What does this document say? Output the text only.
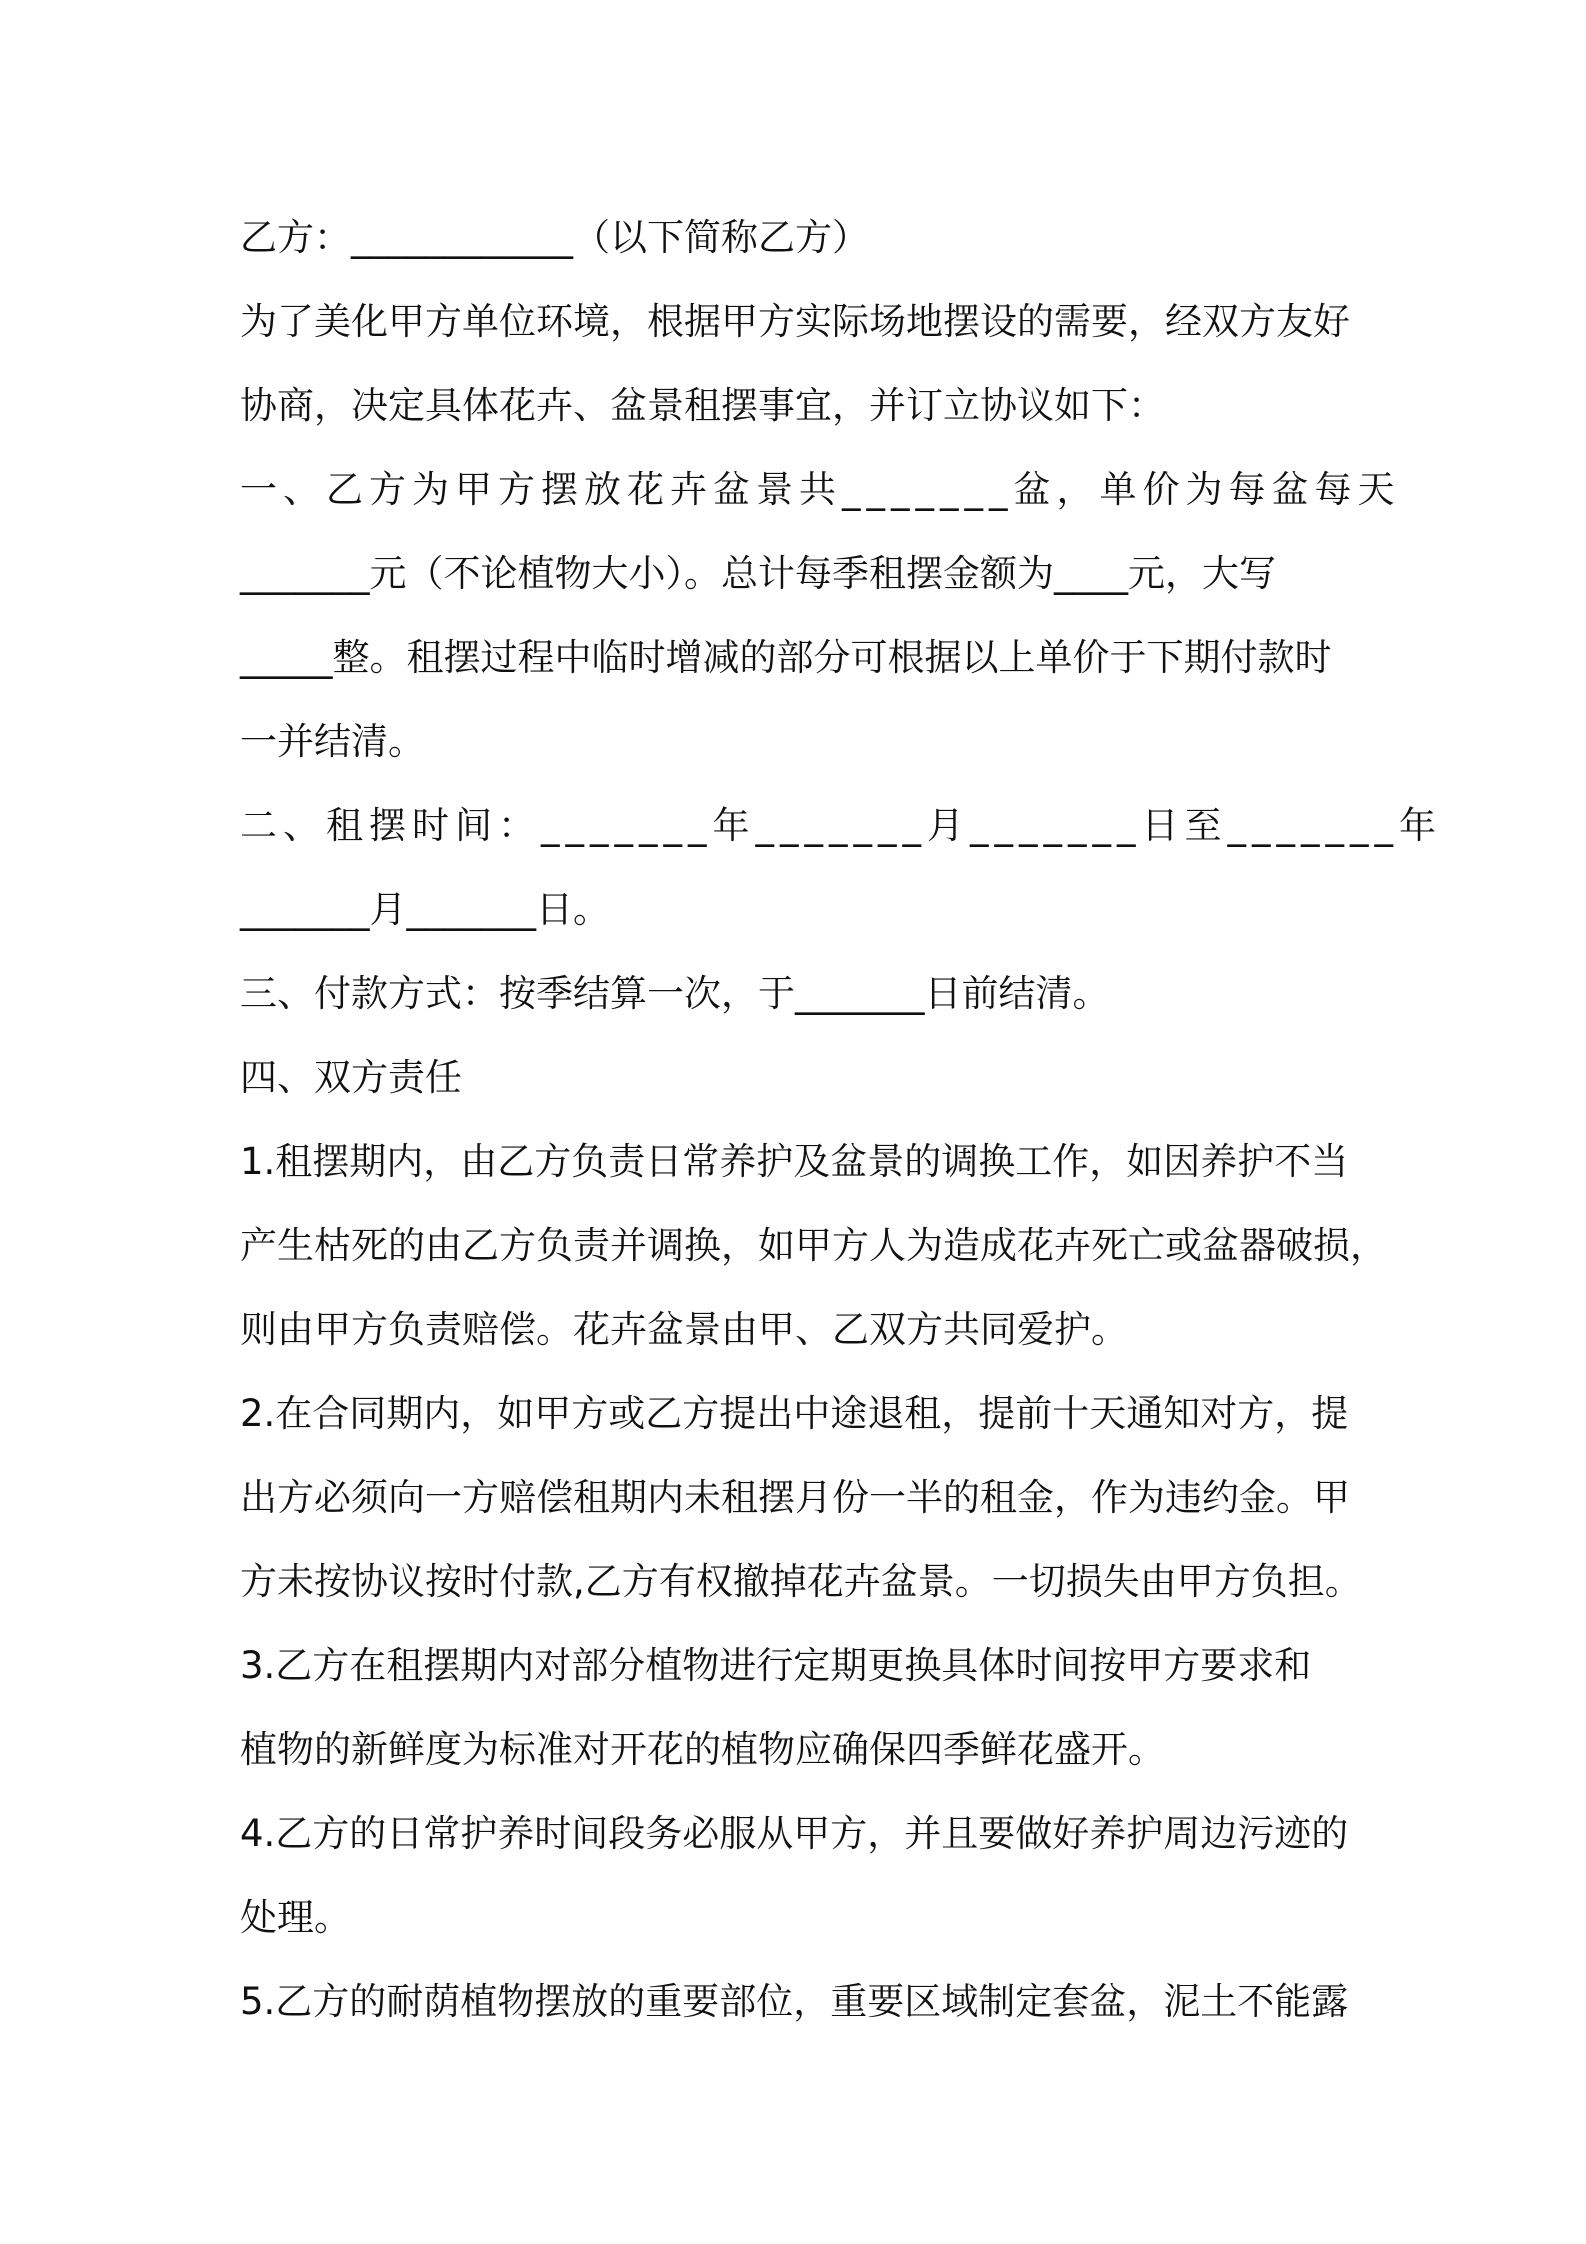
乙方：____________（以下简称乙方）
为了美化甲方单位环境，根据甲方实际场地摆设的需要，经双方友好
协商，决定具体花卉、盆景租摆事宜，并订立协议如下：
一、乙方为甲方摆放花卉盆景共_______盆，单价为每盆每天
_______元（不论植物大小）。总计每季租摆金额为____元，大写
_____整。租摆过程中临时增减的部分可根据以上单价于下期付款时
一并结清。
二、租摆时间：_______年_______月_______日至_______年
_______月_______日。
三、付款方式：按季结算一次，于_______日前结清。
四、双方责任
1.租摆期内，由乙方负责日常养护及盆景的调换工作，如因养护不当
产生枯死的由乙方负责并调换，如甲方人为造成花卉死亡或盆器破损，
则由甲方负责赔偿。花卉盆景由甲、乙双方共同爱护。
2.在合同期内，如甲方或乙方提出中途退租，提前十天通知对方，提
出方必须向一方赔偿租期内未租摆月份一半的租金，作为违约金。甲
方未按协议按时付款,乙方有权撤掉花卉盆景。一切损失由甲方负担。
3.乙方在租摆期内对部分植物进行定期更换具体时间按甲方要求和
植物的新鲜度为标准对开花的植物应确保四季鲜花盛开。
4.乙方的日常护养时间段务必服从甲方，并且要做好养护周边污迹的
处理。
5.乙方的耐荫植物摆放的重要部位，重要区域制定套盆，泥土不能露
